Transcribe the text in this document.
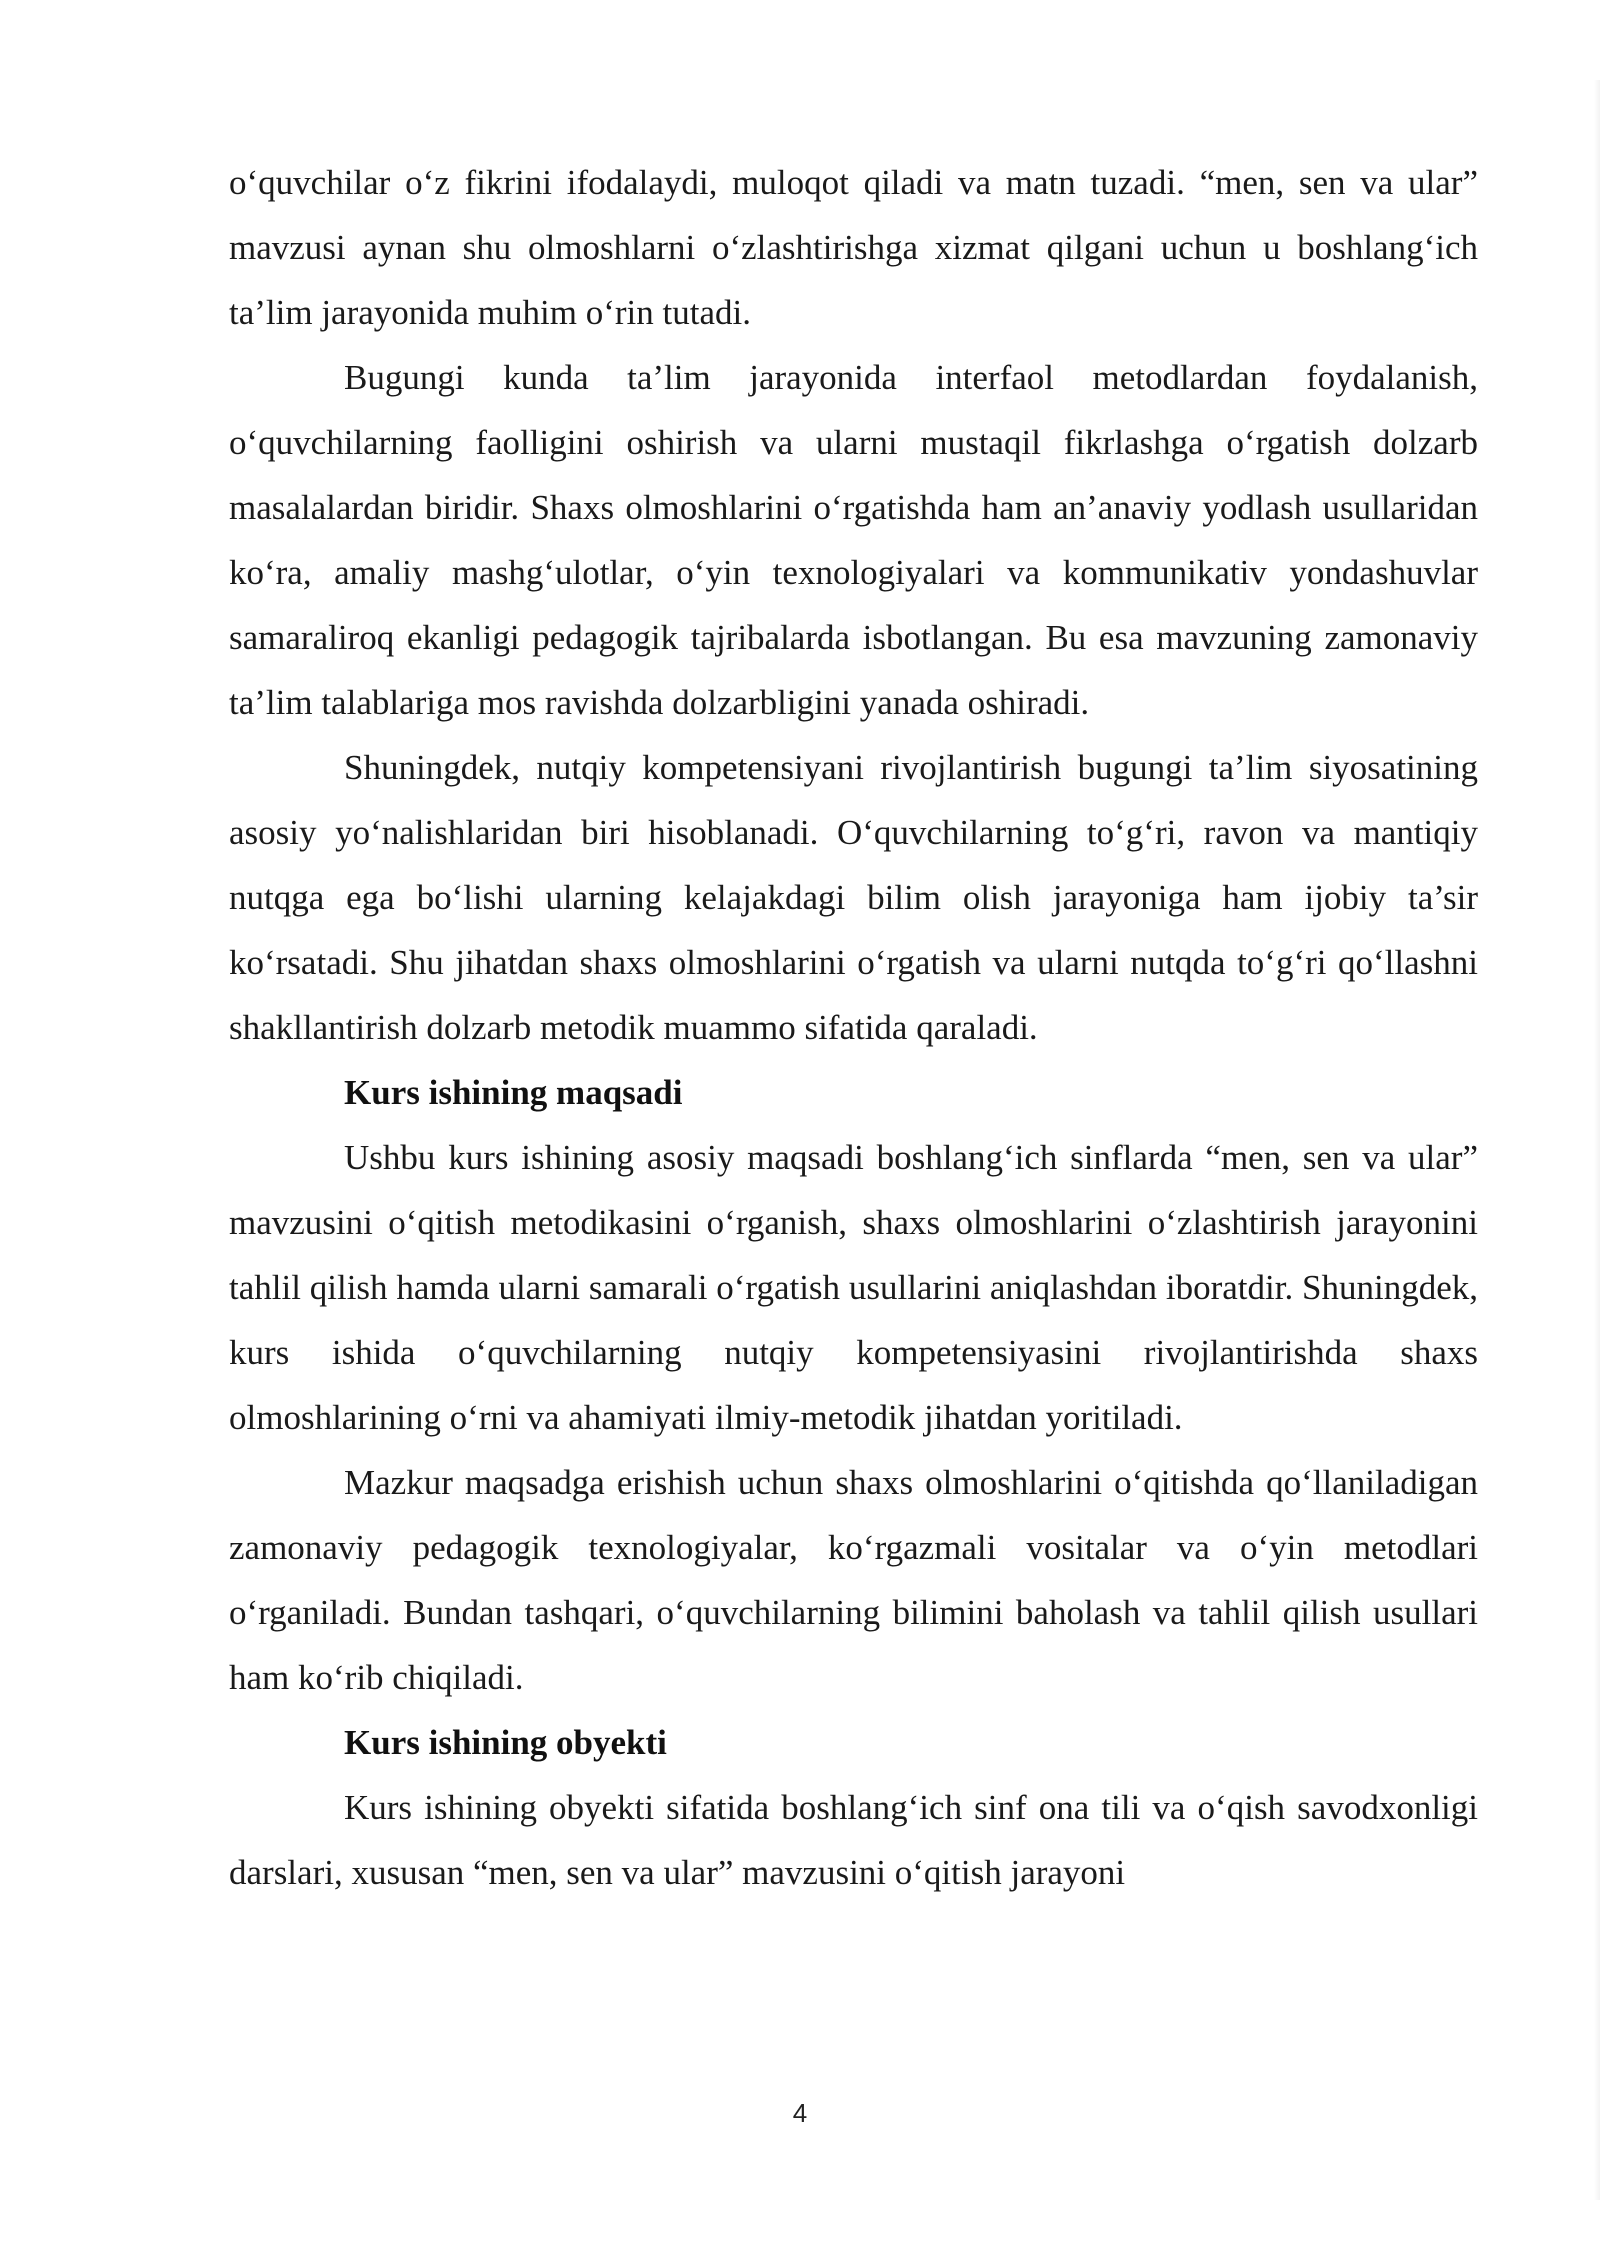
o‘quvchilar o‘z fikrini ifodalaydi, muloqot qiladi va matn tuzadi. “men, sen va ular” mavzusi aynan shu olmoshlarni o‘zlashtirishga xizmat qilgani uchun u boshlang‘ich ta’lim jarayonida muhim o‘rin tutadi.

Bugungi kunda ta’lim jarayonida interfaol metodlardan foydalanish, o‘quvchilarning faolligini oshirish va ularni mustaqil fikrlashga o‘rgatish dolzarb masalalardan biridir. Shaxs olmoshlarini o‘rgatishda ham an’anaviy yodlash usullaridan ko‘ra, amaliy mashg‘ulotlar, o‘yin texnologiyalari va kommunikativ yondashuvlar samaraliroq ekanligi pedagogik tajribalarda isbotlangan. Bu esa mavzuning zamonaviy ta’lim talablariga mos ravishda dolzarbligini yanada oshiradi.

Shuningdek, nutqiy kompetensiyani rivojlantirish bugungi ta’lim siyosatining asosiy yo‘nalishlaridan biri hisoblanadi. O‘quvchilarning to‘g‘ri, ravon va mantiqiy nutqga ega bo‘lishi ularning kelajakdagi bilim olish jarayoniga ham ijobiy ta’sir ko‘rsatadi. Shu jihatdan shaxs olmoshlarini o‘rgatish va ularni nutqda to‘g‘ri qo‘llashni shakllantirish dolzarb metodik muammo sifatida qaraladi.

Kurs ishining maqsadi

Ushbu kurs ishining asosiy maqsadi boshlang‘ich sinflarda “men, sen va ular” mavzusini o‘qitish metodikasini o‘rganish, shaxs olmoshlarini o‘zlashtirish jarayonini tahlil qilish hamda ularni samarali o‘rgatish usullarini aniqlashdan iboratdir. Shuningdek, kurs ishida o‘quvchilarning nutqiy kompetensiyasini rivojlantirishda shaxs olmoshlarining o‘rni va ahamiyati ilmiy-metodik jihatdan yoritiladi.

Mazkur maqsadga erishish uchun shaxs olmoshlarini o‘qitishda qo‘llaniladigan zamonaviy pedagogik texnologiyalar, ko‘rgazmali vositalar va o‘yin metodlari o‘rganiladi. Bundan tashqari, o‘quvchilarning bilimini baholash va tahlil qilish usullari ham ko‘rib chiqiladi.

Kurs ishining obyekti

Kurs ishining obyekti sifatida boshlang‘ich sinf ona tili va o‘qish savodxonligi darslari, xususan “men, sen va ular” mavzusini o‘qitish jarayoni

4
